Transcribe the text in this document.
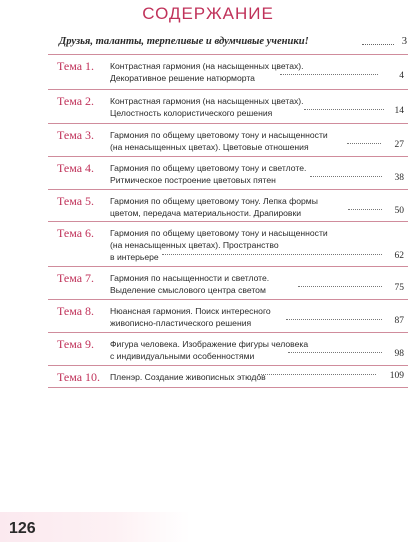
СОДЕРЖАНИЕ
Друзья, таланты, терпеливые и вдумчивые ученики!	3
Тема 1.	Контрастная гармония (на насыщенных цветах).
Декоративное решение натюрморта	4
Тема 2.	Контрастная гармония (на насыщенных цветах).
Целостность колористического решения	14
Тема 3.	Гармония по общему цветовому тону и насыщенности
(на ненасыщенных цветах). Цветовые отношения	27
Тема 4.	Гармония по общему цветовому тону и светлоте.
Ритмическое построение цветовых пятен	38
Тема 5.	Гармония по общему цветовому тону. Лепка формы
цветом, передача материальности. Драпировки	50
Тема 6.	Гармония по общему цветовому тону и насыщенности
(на ненасыщенных цветах). Пространство
в интерьере	62
Тема 7.	Гармония по насыщенности и светлоте.
Выделение смыслового центра светом	75
Тема 8.	Нюансная гармония. Поиск интересного
живописно-пластического решения	87
Тема 9.	Фигура человека. Изображение фигуры человека
с индивидуальными особенностями	98
Тема 10.	Пленэр. Создание живописных этюдов	109
126
